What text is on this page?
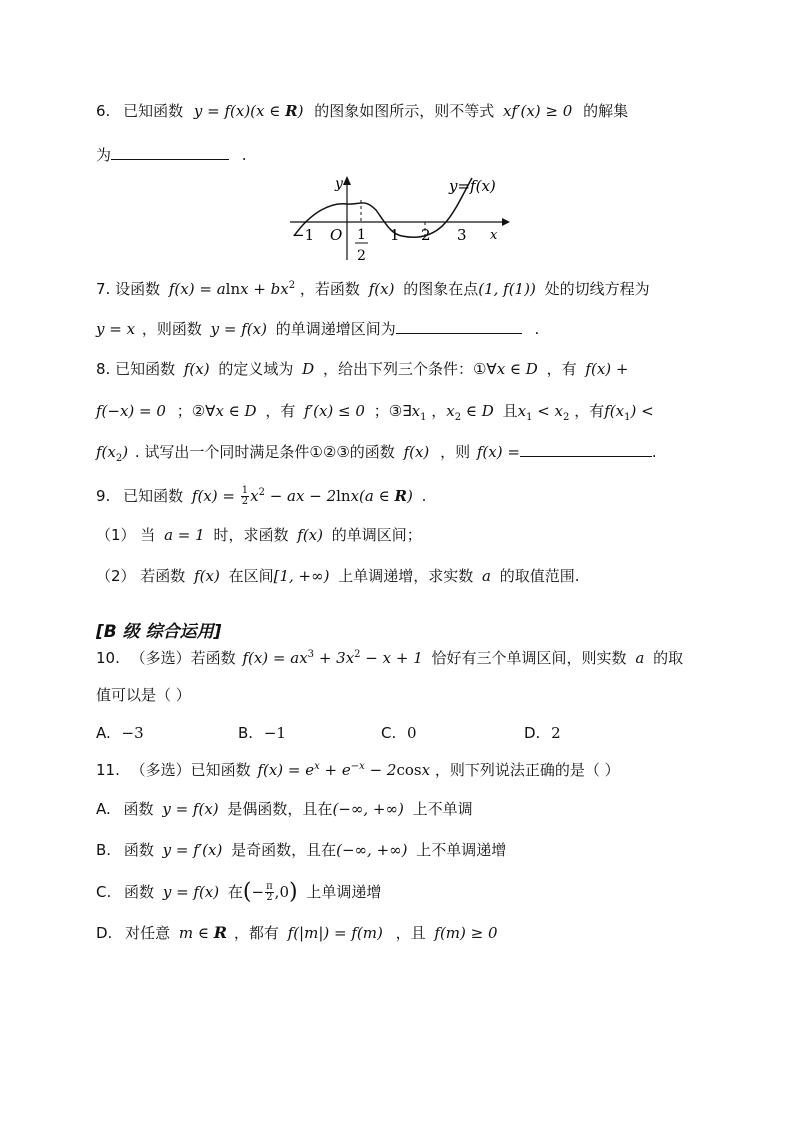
6. 已知函数 y = f(x)(x ∈ R) 的图象如图所示，则不等式 xf′(x) ≥ 0 的解集
为	.
y
x
y=f(x)
O
−1	1
2
1 2 3
7. 设函数 $f(x) = alnx + bx^2$ ，若函数 f(x) 的图象在点(1, f(1)) 处的切线方程为
y = x ，则函数 y = f(x) 的单调递增区间为	.
8. 已知函数 f(x) 的定义域为 D ，给出下列三个条件：①∀x ∈ D ，有 f(x) +
f(−x) = 0 ；②∀x ∈ D ，有 f′(x) ≤ 0 ；$③\exists x_1$ ，$x_2$ ∈ D 且$x_1 < x_2$ ，有$f(x_1)$ <
$f(x_2)$ . 试写出一个同时满足条件①②③的函数 f(x) ，则 f(x) =	.
9. 已知函数 $f(x) = \frac{1}{2} x^2$ − ax − 2lnx(a ∈ R) .
（1） 当 a = 1 时，求函数 f(x) 的单调区间；
（2） 若函数 f(x) 在区间[1, +∞) 上单调递增，求实数 a 的取值范围.
[B 级 综合运用]
10. （多选）若函数 $f(x) = ax^3 + 3x^2 - x + 1$ 恰好有三个单调区间，则实数 a 的取
值可以是（ ）
A. −3	B. −1	C. 0	D. 2
11. （多选）已知函数 $f(x) = e^x + e^{-x} - 2\cos x$ ，则下列说法正确的是（ ）
A. 函数 y = f(x) 是偶函数，且在(−∞, +∞) 上不单调
B. 函数 y = f′(x) 是奇函数，且在(−∞, +∞) 上不单调递增
C. 函数 y = f(x) 在(− $\frac{\pi}{2} ,0$) 上单调递增
D. 对任意 m ∈ R ，都有 f(|m|) = f(m) ，且 f(m) ≥ 0
